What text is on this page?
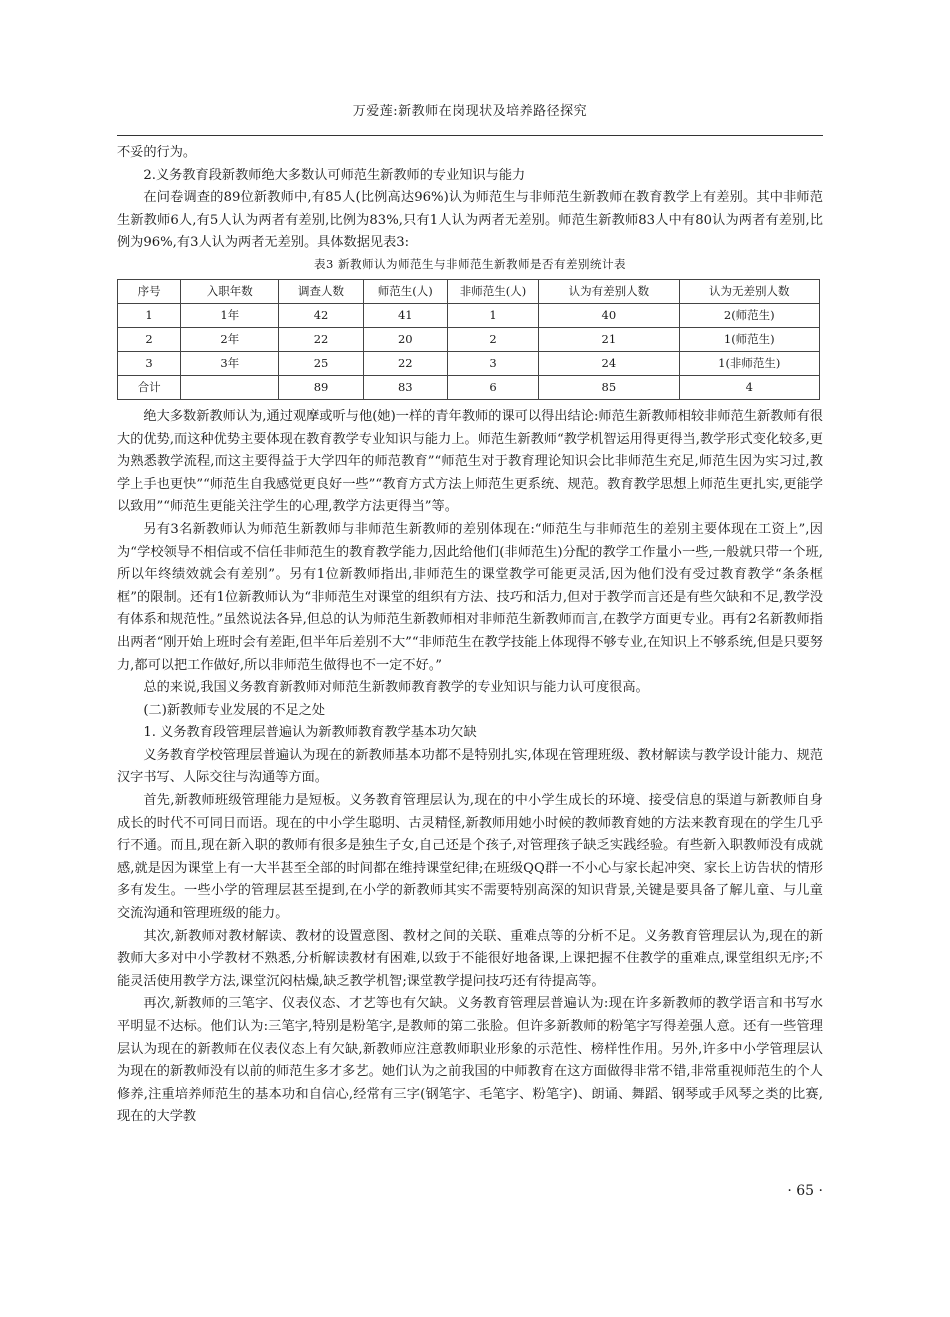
万爱莲:新教师在岗现状及培养路径探究

不妥的行为。

2.义务教育段新教师绝大多数认可师范生新教师的专业知识与能力

在问卷调查的89位新教师中,有85人(比例高达96%)认为师范生与非师范生新教师在教育教学上有差别。其中非师范生新教师6人,有5人认为两者有差别,比例为83%,只有1人认为两者无差别。师范生新教师83人中有80认为两者有差别,比例为96%,有3人认为两者无差别。具体数据见表3:

表3 新教师认为师范生与非师范生新教师是否有差别统计表
序号	入职年数	调查人数	师范生(人)	非师范生(人)	认为有差别人数	认为无差别人数
1	1年	42	41	1	40	2(师范生)
2	2年	22	20	2	21	1(师范生)
3	3年	25	22	3	24	1(非师范生)
合计		89	83	6	85	4

绝大多数新教师认为,通过观摩或听与他(她)一样的青年教师的课可以得出结论:师范生新教师相较非师范生新教师有很大的优势,而这种优势主要体现在教育教学专业知识与能力上。师范生新教师“教学机智运用得更得当,教学形式变化较多,更为熟悉教学流程,而这主要得益于大学四年的师范教育”“师范生对于教育理论知识会比非师范生充足,师范生因为实习过,教学上手也更快”“师范生自我感觉更良好一些”“教育方式方法上师范生更系统、规范。教育教学思想上师范生更扎实,更能学以致用”“师范生更能关注学生的心理,教学方法更得当”等。

另有3名新教师认为师范生新教师与非师范生新教师的差别体现在:“师范生与非师范生的差别主要体现在工资上”,因为“学校领导不相信或不信任非师范生的教育教学能力,因此给他们(非师范生)分配的教学工作量小一些,一般就只带一个班,所以年终绩效就会有差别”。另有1位新教师指出,非师范生的课堂教学可能更灵活,因为他们没有受过教育教学“条条框框”的限制。还有1位新教师认为“非师范生对课堂的组织有方法、技巧和活力,但对于教学而言还是有些欠缺和不足,教学没有体系和规范性。”虽然说法各异,但总的认为师范生新教师相对非师范生新教师而言,在教学方面更专业。再有2名新教师指出两者“刚开始上班时会有差距,但半年后差别不大”“非师范生在教学技能上体现得不够专业,在知识上不够系统,但是只要努力,都可以把工作做好,所以非师范生做得也不一定不好。”

总的来说,我国义务教育新教师对师范生新教师教育教学的专业知识与能力认可度很高。

(二)新教师专业发展的不足之处

1. 义务教育段管理层普遍认为新教师教育教学基本功欠缺

义务教育学校管理层普遍认为现在的新教师基本功都不是特别扎实,体现在管理班级、教材解读与教学设计能力、规范汉字书写、人际交往与沟通等方面。

首先,新教师班级管理能力是短板。义务教育管理层认为,现在的中小学生成长的环境、接受信息的渠道与新教师自身成长的时代不可同日而语。现在的中小学生聪明、古灵精怪,新教师用她小时候的教师教育她的方法来教育现在的学生几乎行不通。而且,现在新入职的教师有很多是独生子女,自己还是个孩子,对管理孩子缺乏实践经验。有些新入职教师没有成就感,就是因为课堂上有一大半甚至全部的时间都在维持课堂纪律;在班级QQ群一不小心与家长起冲突、家长上访告状的情形多有发生。一些小学的管理层甚至提到,在小学的新教师其实不需要特别高深的知识背景,关键是要具备了解儿童、与儿童交流沟通和管理班级的能力。

其次,新教师对教材解读、教材的设置意图、教材之间的关联、重难点等的分析不足。义务教育管理层认为,现在的新教师大多对中小学教材不熟悉,分析解读教材有困难,以致于不能很好地备课,上课把握不住教学的重难点,课堂组织无序;不能灵活使用教学方法,课堂沉闷枯燥,缺乏教学机智;课堂教学提问技巧还有待提高等。

再次,新教师的三笔字、仪表仪态、才艺等也有欠缺。义务教育管理层普遍认为:现在许多新教师的教学语言和书写水平明显不达标。他们认为:三笔字,特别是粉笔字,是教师的第二张脸。但许多新教师的粉笔字写得差强人意。还有一些管理层认为现在的新教师在仪表仪态上有欠缺,新教师应注意教师职业形象的示范性、榜样性作用。另外,许多中小学管理层认为现在的新教师没有以前的师范生多才多艺。她们认为之前我国的中师教育在这方面做得非常不错,非常重视师范生的个人修养,注重培养师范生的基本功和自信心,经常有三字(钢笔字、毛笔字、粉笔字)、朗诵、舞蹈、钢琴或手风琴之类的比赛,现在的大学教

· 65 ·
